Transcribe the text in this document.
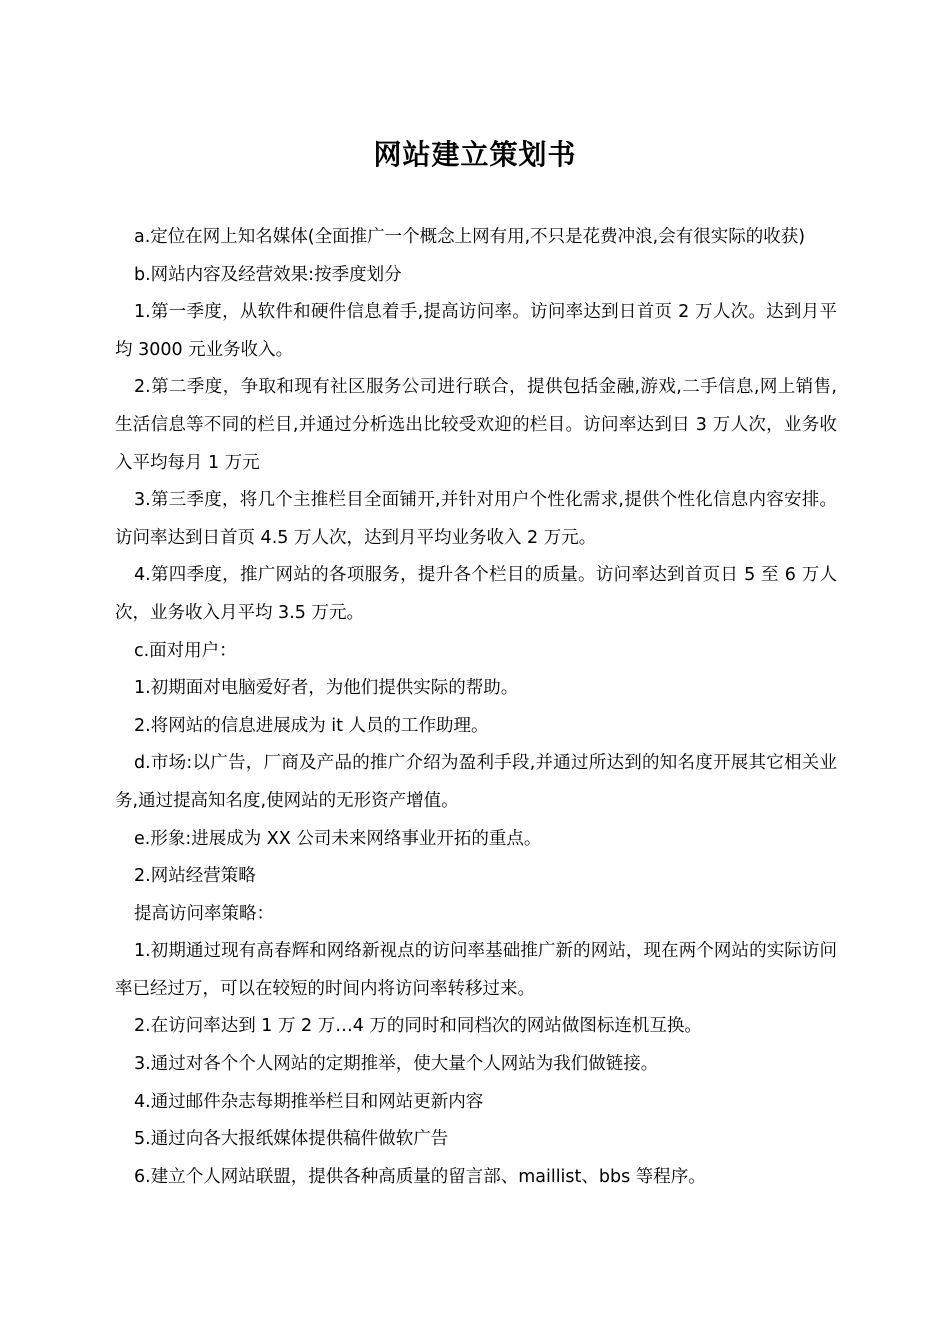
网站建立策划书

a.定位在网上知名媒体(全面推广一个概念上网有用,不只是花费冲浪,会有很实际的收获)

b.网站内容及经营效果:按季度划分

1.第一季度，从软件和硬件信息着手,提高访问率。访问率达到日首页 2 万人次。达到月平均 3000 元业务收入。

2.第二季度，争取和现有社区服务公司进行联合，提供包括金融,游戏,二手信息,网上销售,生活信息等不同的栏目,并通过分析选出比较受欢迎的栏目。访问率达到日 3 万人次，业务收入平均每月 1 万元

3.第三季度，将几个主推栏目全面铺开,并针对用户个性化需求,提供个性化信息内容安排。访问率达到日首页 4.5 万人次，达到月平均业务收入 2 万元。

4.第四季度，推广网站的各项服务，提升各个栏目的质量。访问率达到首页日 5 至 6 万人次，业务收入月平均 3.5 万元。

c.面对用户：

1.初期面对电脑爱好者，为他们提供实际的帮助。

2.将网站的信息进展成为 it 人员的工作助理。

d.市场:以广告，厂商及产品的推广介绍为盈利手段,并通过所达到的知名度开展其它相关业务,通过提高知名度,使网站的无形资产增值。

e.形象:进展成为 XX 公司未来网络事业开拓的重点。

2.网站经营策略

提高访问率策略：

1.初期通过现有高春辉和网络新视点的访问率基础推广新的网站，现在两个网站的实际访问率已经过万，可以在较短的时间内将访问率转移过来。

2.在访问率达到 1 万 2 万…4 万的同时和同档次的网站做图标连机互换。

3.通过对各个个人网站的定期推举，使大量个人网站为我们做链接。

4.通过邮件杂志每期推举栏目和网站更新内容

5.通过向各大报纸媒体提供稿件做软广告

6.建立个人网站联盟，提供各种高质量的留言部、maillist、bbs 等程序。
